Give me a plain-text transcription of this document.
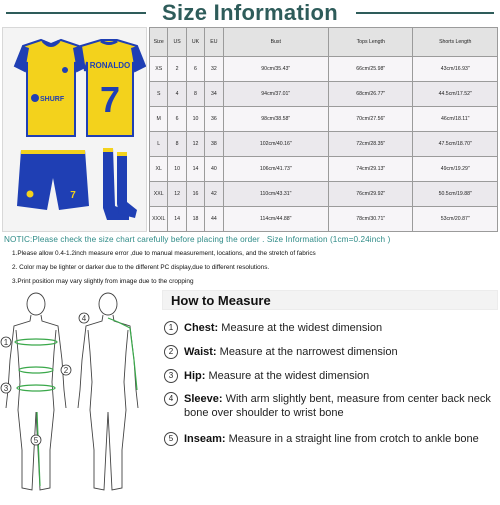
Size Information
SHURF
RONALDO
7
7
Size	US	UK	EU	Bust	Tops Length	Shorts Length
XS	2	6	32	90cm/35.43"	66cm/25.98"	43cm/16.93"
S	4	8	34	94cm/37.01"	68cm/26.77"	44.5cm/17.52"
M	6	10	36	98cm/38.58"	70cm/27.56"	46cm/18.11"
L	8	12	38	102cm/40.16"	72cm/28.35"	47.5cm/18.70"
XL	10	14	40	106cm/41.73"	74cm/29.13"	49cm/19.29"
XXL	12	16	42	110cm/43.31"	76cm/29.92"	50.5cm/19.88"
XXXL	14	18	44	114cm/44.88"	78cm/30.71"	53cm/20.87"
NOTIC:Please check the size chart carefully before placing the order . Size Information (1cm=0.24inch )
1.Please allow 0.4-1.2inch measure error ,due to manual measurement, locations, and the stretch of fabrics
2. Color may be lighter or darker due to the different PC display,due to different resolutions.
3.Print position may vary slightly from image due to the cropping
1
2
3
4
5
How to Measure
1 Chest: Measure at the widest dimension
2 Waist: Measure at the narrowest dimension
3 Hip: Measure at the widest dimension
4 Sleeve: With arm slightly bent, measure from center back neck bone over shoulder to wrist bone
5 Inseam: Measure in a straight line from crotch to ankle bone
